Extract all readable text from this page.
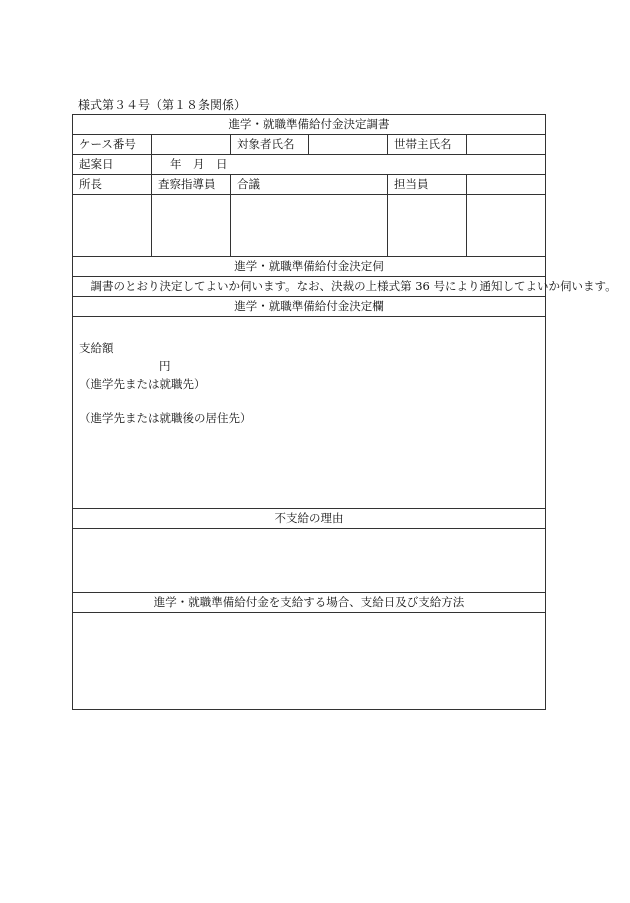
様式第３４号（第１８条関係）
進学・就職準備給付金決定調書					
ケース番号		対象者氏名		世帯主氏名	
起案日	年　月　日				
所長	査察指導員	合議		担当員	

進学・就職準備給付金決定伺					
調書のとおり決定してよいか伺います。なお、決裁の上様式第 36 号により通知してよいか伺います。					
進学・就職準備給付金決定欄					

支給額
円
（進学先または就職先）
（進学先または就職後の居住先）					

不支給の理由					

進学・就職準備給付金を支給する場合、支給日及び支給方法					
